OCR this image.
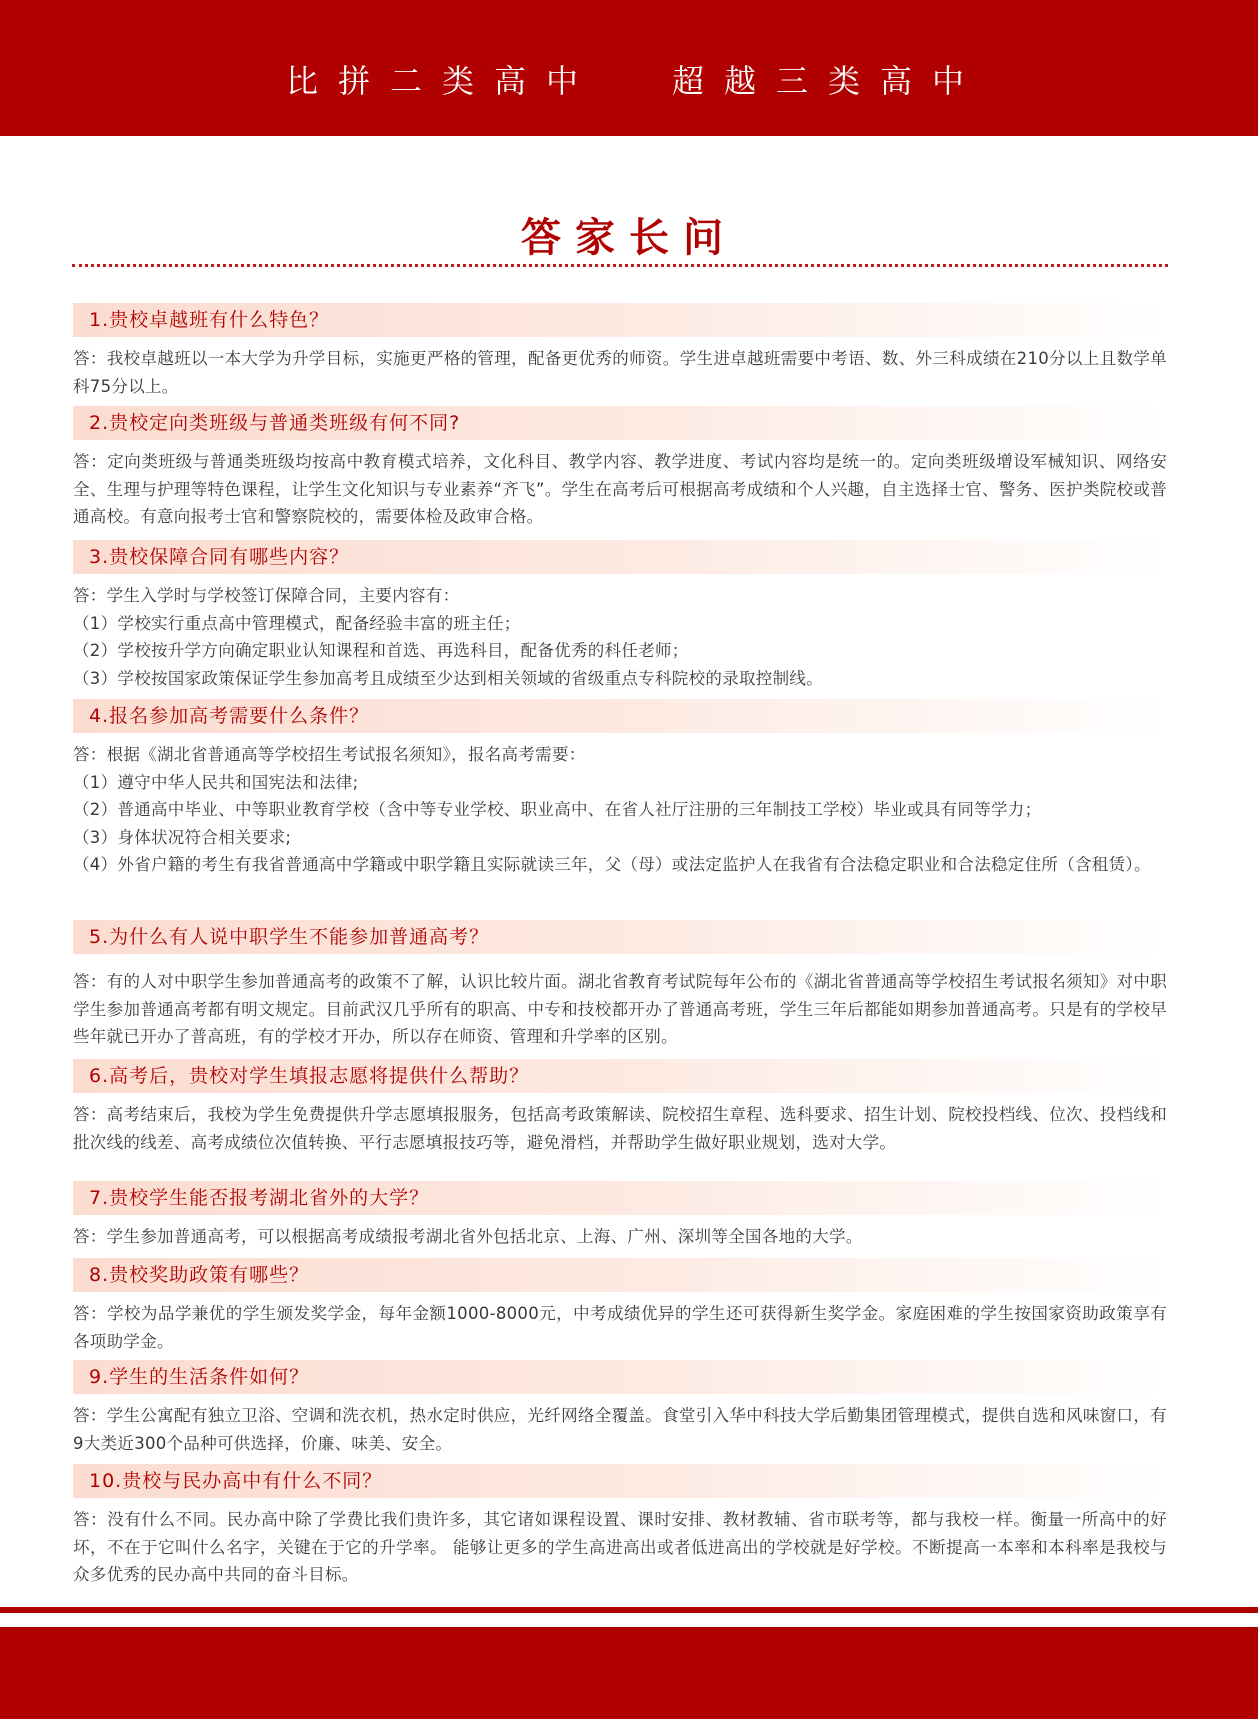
比拼二类高中 超越三类高中
答家长问
1.贵校卓越班有什么特色？

答：我校卓越班以一本大学为升学目标，实施更严格的管理，配备更优秀的师资。学生进卓越班需要中考语、数、外三科成绩在210分以上且数学单科75分以上。

2.贵校定向类班级与普通类班级有何不同?

答：定向类班级与普通类班级均按高中教育模式培养，文化科目、教学内容、教学进度、考试内容均是统一的。定向类班级增设军械知识、网络安全、生理与护理等特色课程，让学生文化知识与专业素养“齐飞”。学生在高考后可根据高考成绩和个人兴趣，自主选择士官、警务、医护类院校或普通高校。有意向报考士官和警察院校的，需要体检及政审合格。

3.贵校保障合同有哪些内容？

答：学生入学时与学校签订保障合同，主要内容有：

（1）学校实行重点高中管理模式，配备经验丰富的班主任；

（2）学校按升学方向确定职业认知课程和首选、再选科目，配备优秀的科任老师；

（3）学校按国家政策保证学生参加高考且成绩至少达到相关领域的省级重点专科院校的录取控制线。

4.报名参加高考需要什么条件？

答：根据《湖北省普通高等学校招生考试报名须知》，报名高考需要：

（1）遵守中华人民共和国宪法和法律;

（2）普通高中毕业、中等职业教育学校（含中等专业学校、职业高中、在省人社厅注册的三年制技工学校）毕业或具有同等学力；

（3）身体状况符合相关要求;

（4）外省户籍的考生有我省普通高中学籍或中职学籍且实际就读三年，父（母）或法定监护人在我省有合法稳定职业和合法稳定住所（含租赁）。

5.为什么有人说中职学生不能参加普通高考？

答：有的人对中职学生参加普通高考的政策不了解，认识比较片面。湖北省教育考试院每年公布的《湖北省普通高等学校招生考试报名须知》对中职学生参加普通高考都有明文规定。目前武汉几乎所有的职高、中专和技校都开办了普通高考班，学生三年后都能如期参加普通高考。只是有的学校早些年就已开办了普高班，有的学校才开办，所以存在师资、管理和升学率的区别。

6.高考后，贵校对学生填报志愿将提供什么帮助？

答：高考结束后，我校为学生免费提供升学志愿填报服务，包括高考政策解读、院校招生章程、选科要求、招生计划、院校投档线、位次、投档线和批次线的线差、高考成绩位次值转换、平行志愿填报技巧等，避免滑档，并帮助学生做好职业规划，选对大学。

7.贵校学生能否报考湖北省外的大学？

答：学生参加普通高考，可以根据高考成绩报考湖北省外包括北京、上海、广州、深圳等全国各地的大学。

8.贵校奖助政策有哪些？

答：学校为品学兼优的学生颁发奖学金，每年金额1000-8000元，中考成绩优异的学生还可获得新生奖学金。家庭困难的学生按国家资助政策享有各项助学金。

9.学生的生活条件如何？

答：学生公寓配有独立卫浴、空调和洗衣机，热水定时供应，光纤网络全覆盖。食堂引入华中科技大学后勤集团管理模式，提供自选和风味窗口，有9大类近300个品种可供选择，价廉、味美、安全。

10.贵校与民办高中有什么不同？

答：没有什么不同。民办高中除了学费比我们贵许多，其它诸如课程设置、课时安排、教材教辅、省市联考等，都与我校一样。衡量一所高中的好坏，不在于它叫什么名字，关键在于它的升学率。 能够让更多的学生高进高出或者低进高出的学校就是好学校。不断提高一本率和本科率是我校与众多优秀的民办高中共同的奋斗目标。
